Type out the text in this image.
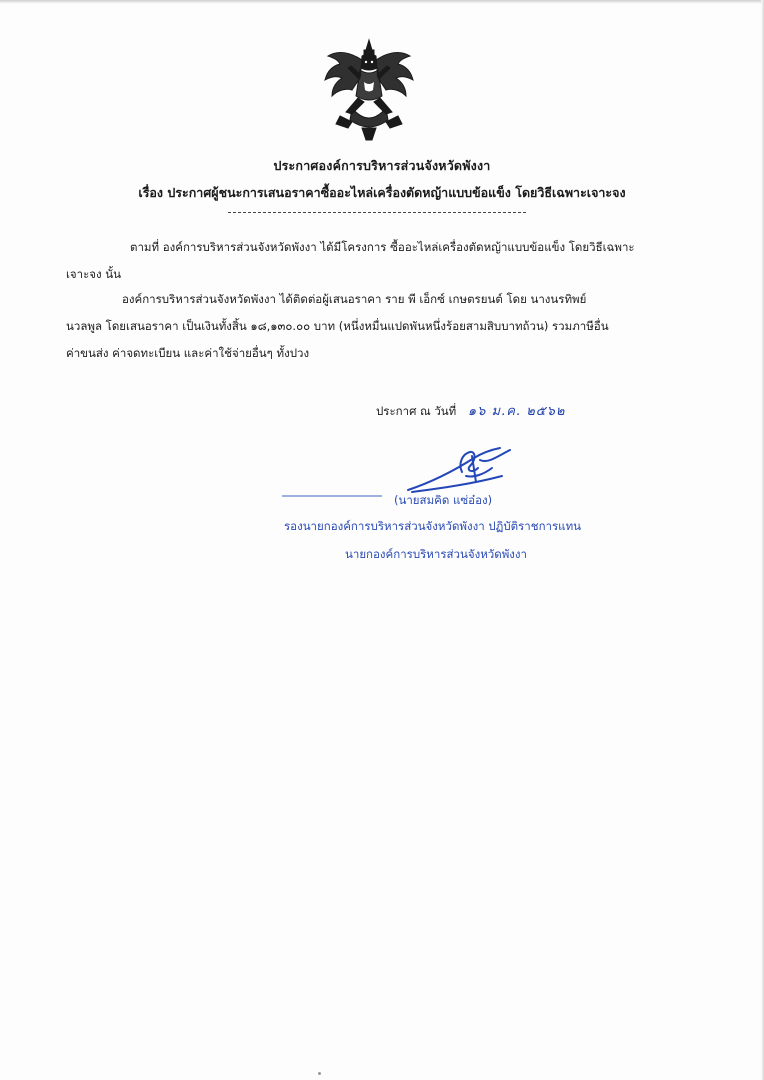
ประกาศองค์การบริหารส่วนจังหวัดพังงา
เรื่อง ประกาศผู้ชนะการเสนอราคาซื้ออะไหล่เครื่องตัดหญ้าแบบข้อแข็ง โดยวิธีเฉพาะเจาะจง
ตามที่ องค์การบริหารส่วนจังหวัดพังงา ได้มีโครงการ ซื้ออะไหล่เครื่องตัดหญ้าแบบข้อแข็ง โดยวิธีเฉพาะ
เจาะจง นั้น
องค์การบริหารส่วนจังหวัดพังงา ได้ติดต่อผู้เสนอราคา ราย พี เอ็กซ์ เกษตรยนต์ โดย นางนรทิพย์
นวลพูล โดยเสนอราคา เป็นเงินทั้งสิ้น ๑๘,๑๓๐.๐๐ บาท (หนึ่งหมื่นแปดพันหนึ่งร้อยสามสิบบาทถ้วน) รวมภาษีอื่น
ค่าขนส่ง ค่าจดทะเบียน และค่าใช้จ่ายอื่นๆ ทั้งปวง
ประกาศ ณ วันที่ ๑๖ ม.ค. ๒๕๖๒
(นายสมคิด แซ่อ๋อง)
รองนายกองค์การบริหารส่วนจังหวัดพังงา ปฏิบัติราชการแทน
นายกองค์การบริหารส่วนจังหวัดพังงา
